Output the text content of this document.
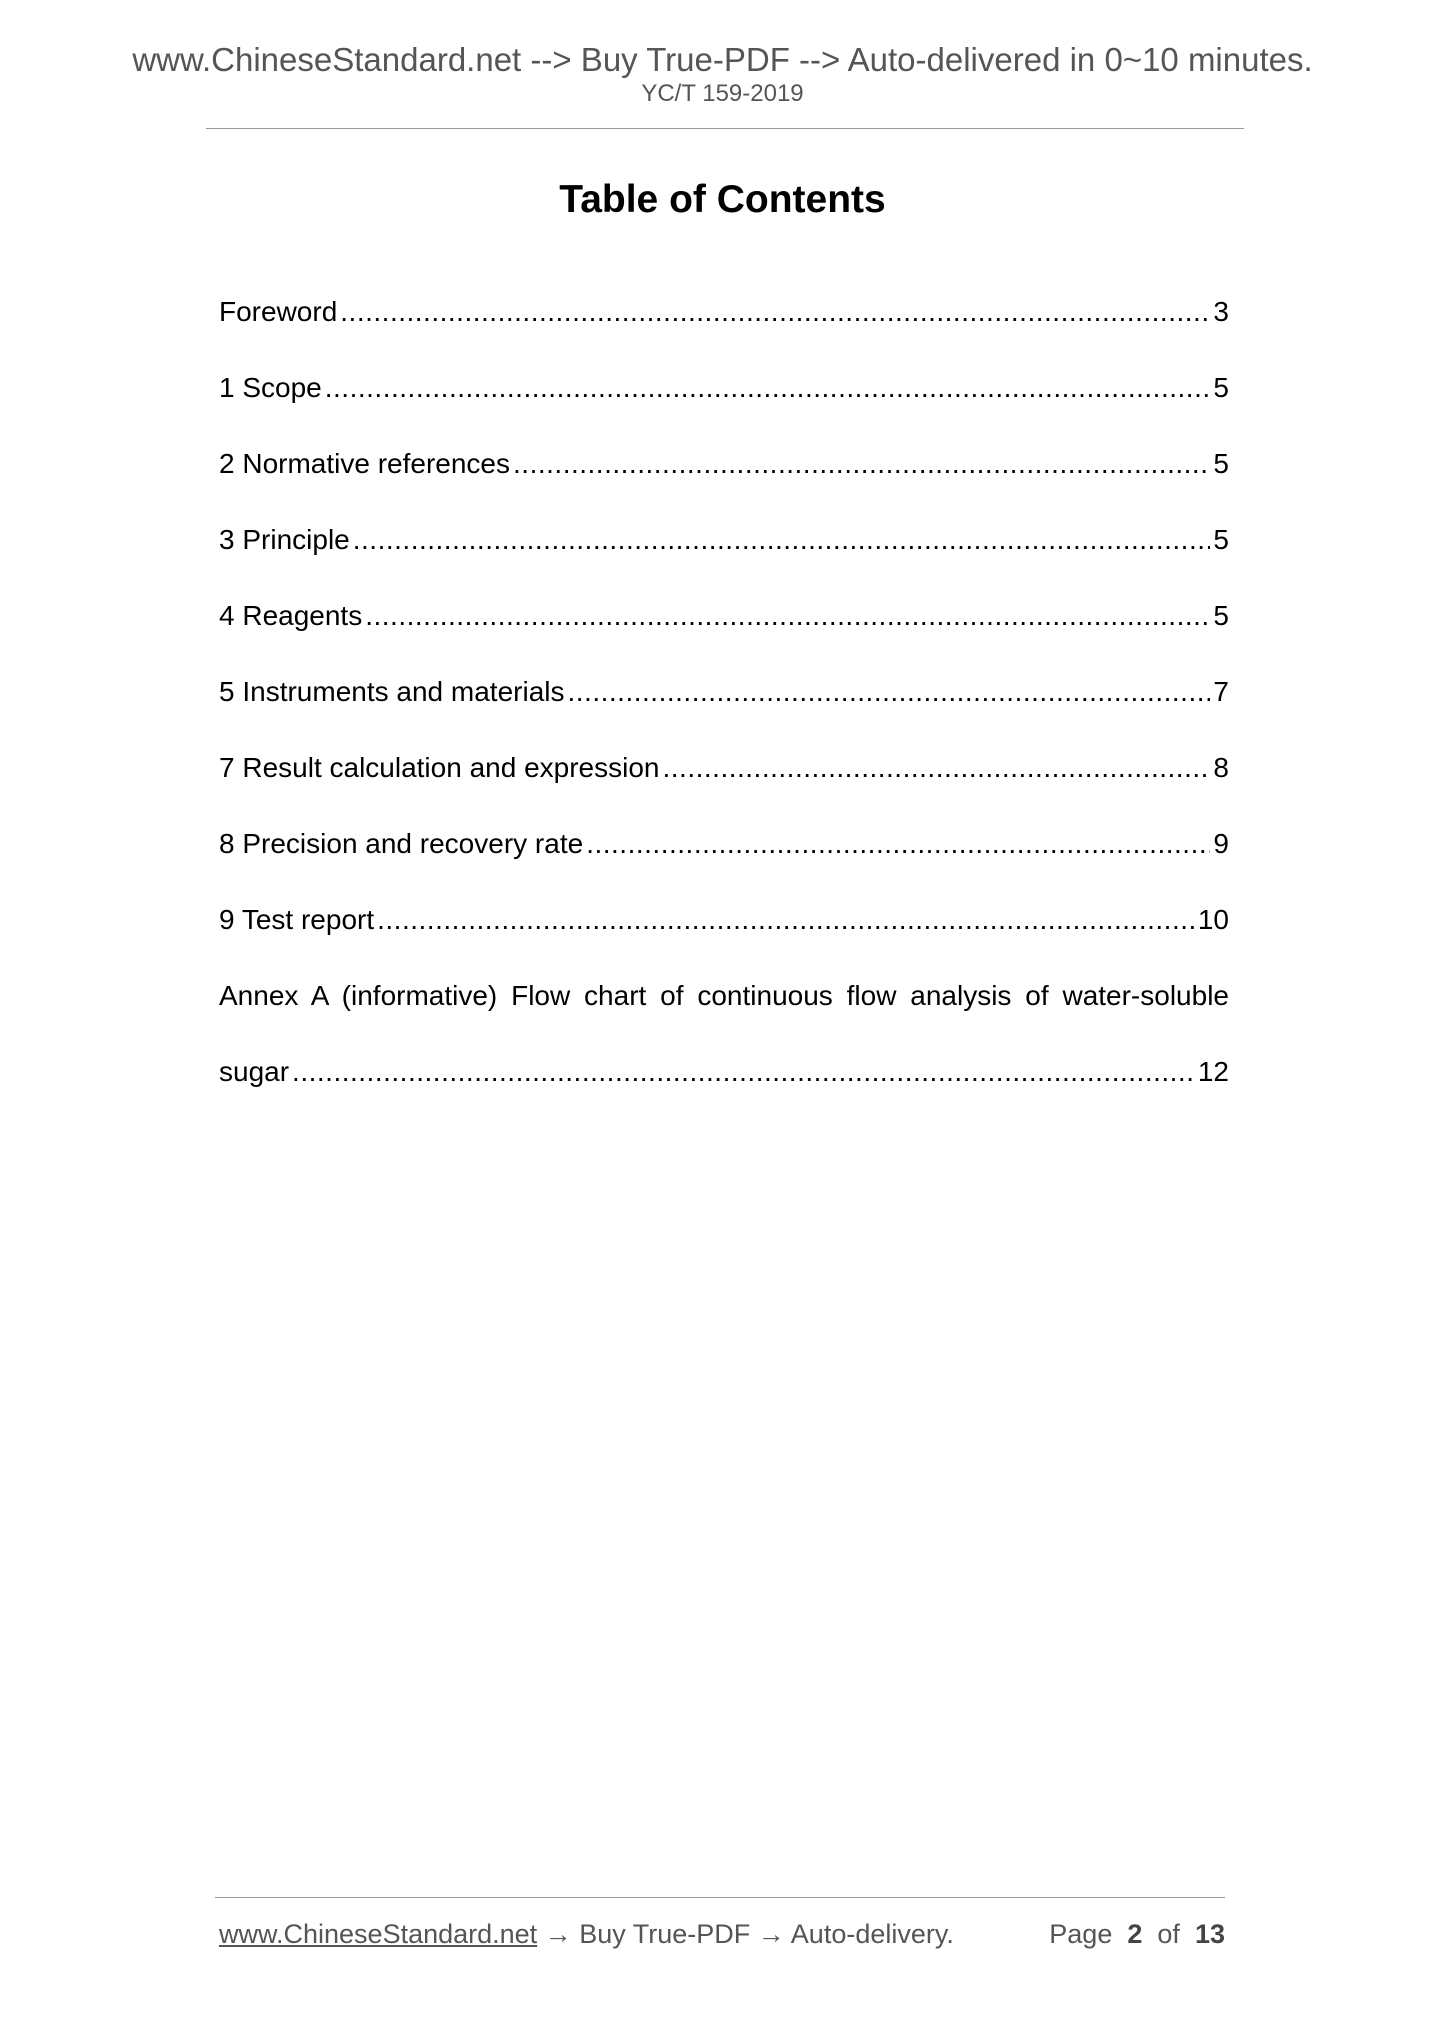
www.ChineseStandard.net --> Buy True-PDF --> Auto-delivered in 0~10 minutes.
YC/T 159-2019
Table of Contents
Foreword .....	3
1 Scope .....	5
2 Normative references .....	5
3 Principle .....	5
4 Reagents .....	5
5 Instruments and materials .....	7
7 Result calculation and expression .....	8
8 Precision and recovery rate .....	9
9 Test report .....	10
Annex A (informative) Flow chart of continuous flow analysis of water-soluble
sugar .....	12
www.ChineseStandard.net → Buy True-PDF → Auto-delivery.	Page 2 of 13
